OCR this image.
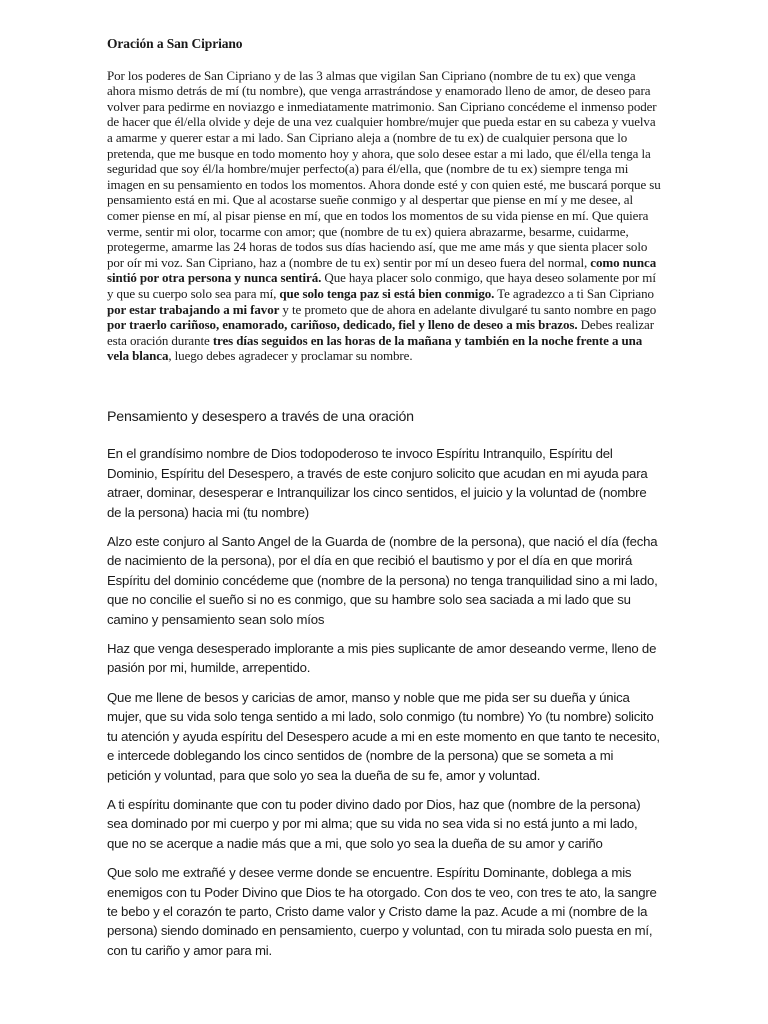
Oración a San Cipriano

Por los poderes de San Cipriano y de las 3 almas que vigilan San Cipriano (nombre de tu ex) que venga ahora mismo detrás de mí (tu nombre), que venga arrastrándose y enamorado lleno de amor, de deseo para volver para pedirme en noviazgo e inmediatamente matrimonio. San Cipriano concédeme el inmenso poder de hacer que él/ella olvide y deje de una vez cualquier hombre/mujer que pueda estar en su cabeza y vuelva a amarme y querer estar a mi lado. San Cipriano aleja a (nombre de tu ex) de cualquier persona que lo pretenda, que me busque en todo momento hoy y ahora, que solo desee estar a mi lado, que él/ella tenga la seguridad que soy él/la hombre/mujer perfecto(a) para él/ella, que (nombre de tu ex) siempre tenga mi imagen en su pensamiento en todos los momentos. Ahora donde esté y con quien esté, me buscará porque su pensamiento está en mi. Que al acostarse sueñe conmigo y al despertar que piense en mí y me desee, al comer piense en mí, al pisar piense en mí, que en todos los momentos de su vida piense en mí. Que quiera verme, sentir mi olor, tocarme con amor; que (nombre de tu ex) quiera abrazarme, besarme, cuidarme, protegerme, amarme las 24 horas de todos sus días haciendo así, que me ame más y que sienta placer solo por oír mi voz. San Cipriano, haz a (nombre de tu ex) sentir por mí un deseo fuera del normal, como nunca sintió por otra persona y nunca sentirá. Que haya placer solo conmigo, que haya deseo solamente por mí y que su cuerpo solo sea para mí, que solo tenga paz si está bien conmigo. Te agradezco a ti San Cipriano por estar trabajando a mi favor y te prometo que de ahora en adelante divulgaré tu santo nombre en pago por traerlo cariñoso, enamorado, cariñoso, dedicado, fiel y lleno de deseo a mis brazos. Debes realizar esta oración durante tres días seguidos en las horas de la mañana y también en la noche frente a una vela blanca, luego debes agradecer y proclamar su nombre.

Pensamiento y desespero a través de una oración

En el grandísimo nombre de Dios todopoderoso te invoco Espíritu Intranquilo, Espíritu del Dominio, Espíritu del Desespero, a través de este conjuro solicito que acudan en mi ayuda para atraer, dominar, desesperar e Intranquilizar los cinco sentidos, el juicio y la voluntad de (nombre de la persona) hacia mi (tu nombre)

Alzo este conjuro al Santo Angel de la Guarda de (nombre de la persona), que nació el día (fecha de nacimiento de la persona), por el día en que recibió el bautismo y por el día en que morirá Espíritu del dominio concédeme que (nombre de la persona) no tenga tranquilidad sino a mi lado, que no concilie el sueño si no es conmigo, que su hambre solo sea saciada a mi lado que su camino y pensamiento sean solo míos

Haz que venga desesperado implorante a mis pies suplicante de amor deseando verme, lleno de pasión por mi, humilde, arrepentido.

Que me llene de besos y caricias de amor, manso y noble que me pida ser su dueña y única mujer, que su vida solo tenga sentido a mi lado, solo conmigo (tu nombre) Yo (tu nombre) solicito tu atención y ayuda espíritu del Desespero acude a mi en este momento en que tanto te necesito, e intercede doblegando los cinco sentidos de (nombre de la persona) que se someta a mi petición y voluntad, para que solo yo sea la dueña de su fe, amor y voluntad.

A ti espíritu dominante que con tu poder divino dado por Dios, haz que (nombre de la persona) sea dominado por mi cuerpo y por mi alma; que su vida no sea vida si no está junto a mi lado, que no se acerque a nadie más que a mi, que solo yo sea la dueña de su amor y cariño

Que solo me extrañé y desee verme donde se encuentre. Espíritu Dominante, doblega a mis enemigos con tu Poder Divino que Dios te ha otorgado. Con dos te veo, con tres te ato, la sangre te bebo y el corazón te parto, Cristo dame valor y Cristo dame la paz. Acude a mi (nombre de la persona) siendo dominado en pensamiento, cuerpo y voluntad, con tu mirada solo puesta en mí, con tu cariño y amor para mi.
